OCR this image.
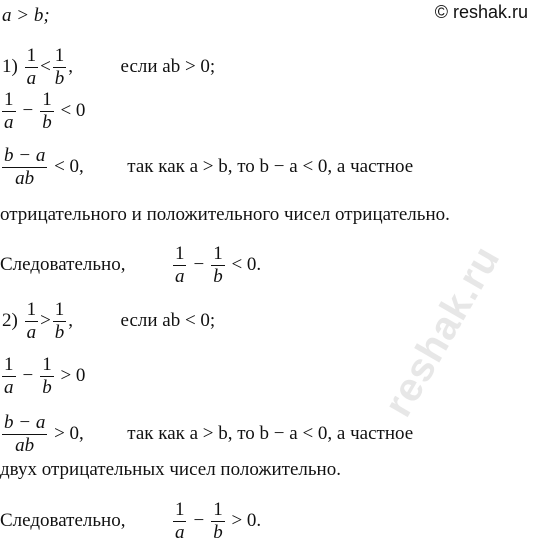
a > b;	© reshak.ru
$1) \frac{1}{a} < \frac{1}{b}$ ,	если ab > 0;
$\frac{1}{a} - \frac{1}{b} < 0$
$\frac{b - a}{ab} < 0$, так как a > b, то b − a < 0, а частное
отрицательного и положительного чисел отрицательно.
Следовательно,	$\frac{1}{a} - \frac{1}{b} < 0$.
$2) \frac{1}{a} > \frac{1}{b}$ ,	если ab < 0;
$\frac{1}{a} - \frac{1}{b} > 0$
$\frac{b - a}{ab} > 0$, так как a > b, то b − a < 0, а частное
двух отрицательных чисел положительно.
Следовательно,	$\frac{1}{a} - \frac{1}{b} > 0$.
reshak.ru
